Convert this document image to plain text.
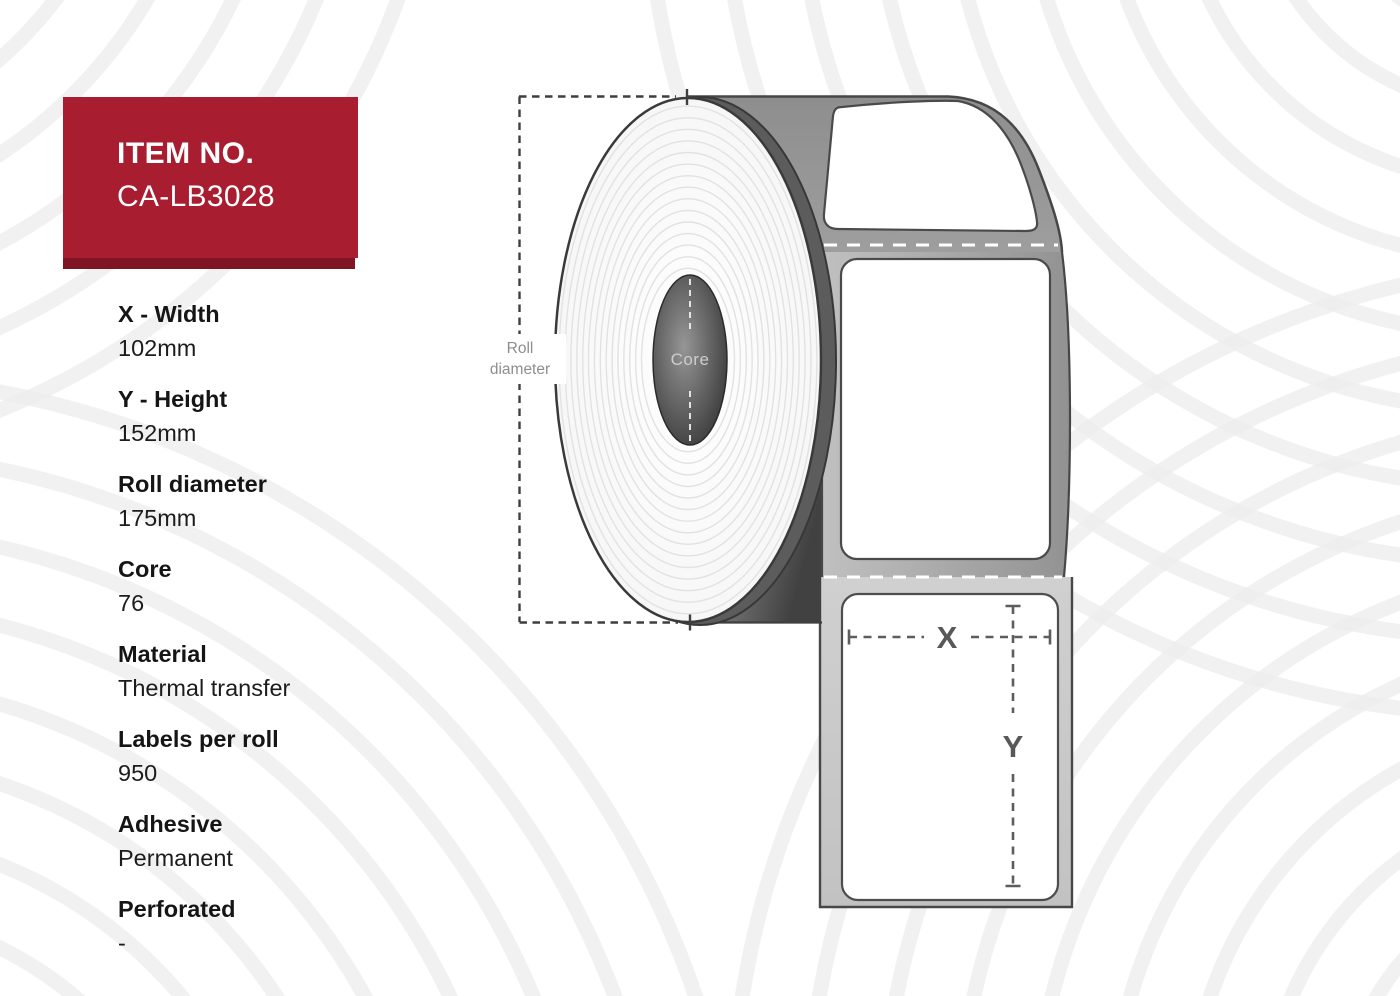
Core
Roll
diameter
X
Y
ITEM NO.
CA-LB3028
X - Width
102mm
Y - Height
152mm
Roll diameter
175mm
Core
76
Material
Thermal transfer
Labels per roll
950
Adhesive
Permanent
Perforated
-
